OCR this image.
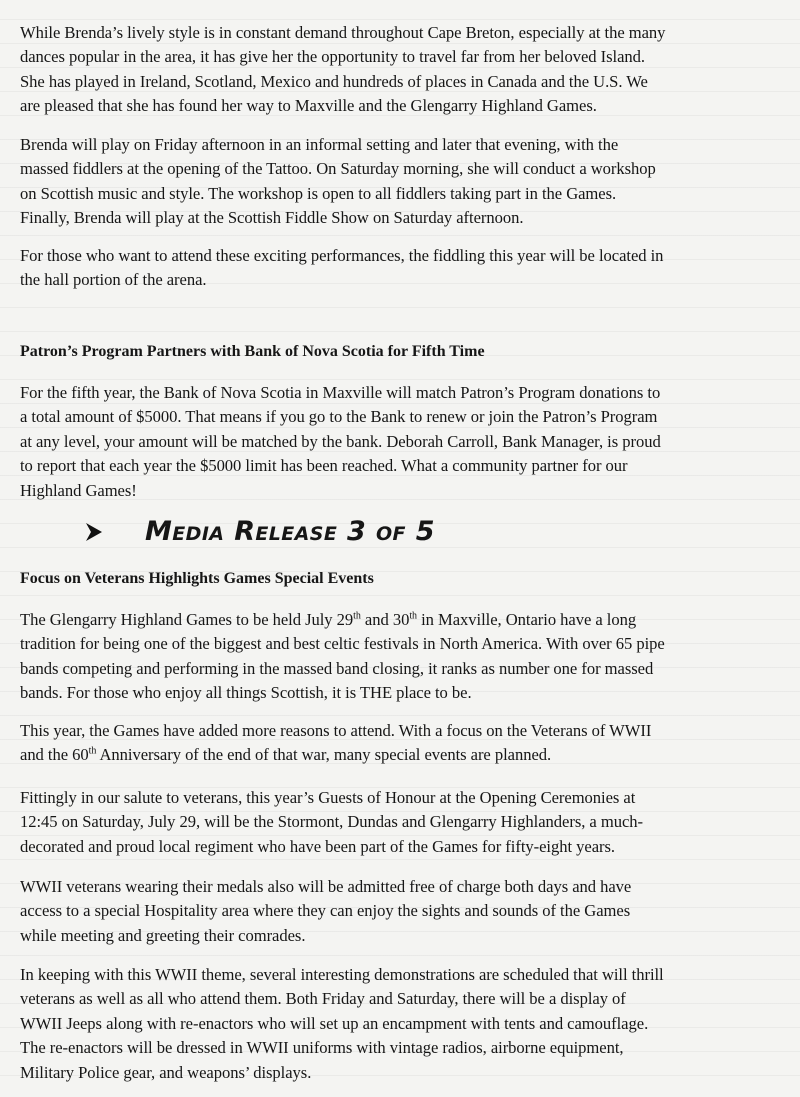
While Brenda’s lively style is in constant demand throughout Cape Breton, especially at the many
dances popular in the area, it has give her the opportunity to travel far from her beloved Island.
She has played in Ireland, Scotland, Mexico and hundreds of places in Canada and the U.S. We
are pleased that she has found her way to Maxville and the Glengarry Highland Games.

Brenda will play on Friday afternoon in an informal setting and later that evening, with the
massed fiddlers at the opening of the Tattoo. On Saturday morning, she will conduct a workshop
on Scottish music and style. The workshop is open to all fiddlers taking part in the Games.
Finally, Brenda will play at the Scottish Fiddle Show on Saturday afternoon.

For those who want to attend these exciting performances, the fiddling this year will be located in
the hall portion of the arena.

Patron’s Program Partners with Bank of Nova Scotia for Fifth Time

For the fifth year, the Bank of Nova Scotia in Maxville will match Patron’s Program donations to
a total amount of $5000. That means if you go to the Bank to renew or join the Patron’s Program
at any level, your amount will be matched by the bank. Deborah Carroll, Bank Manager, is proud
to report that each year the $5000 limit has been reached. What a community partner for our
Highland Games!

Media Release 3 of 5
Focus on Veterans Highlights Games Special Events

The Glengarry Highland Games to be held July 29th and 30th in Maxville, Ontario have a long
tradition for being one of the biggest and best celtic festivals in North America. With over 65 pipe
bands competing and performing in the massed band closing, it ranks as number one for massed
bands. For those who enjoy all things Scottish, it is THE place to be.

This year, the Games have added more reasons to attend. With a focus on the Veterans of WWII
and the 60th Anniversary of the end of that war, many special events are planned.

Fittingly in our salute to veterans, this year’s Guests of Honour at the Opening Ceremonies at
12:45 on Saturday, July 29, will be the Stormont, Dundas and Glengarry Highlanders, a much-
decorated and proud local regiment who have been part of the Games for fifty-eight years.

WWII veterans wearing their medals also will be admitted free of charge both days and have
access to a special Hospitality area where they can enjoy the sights and sounds of the Games
while meeting and greeting their comrades.

In keeping with this WWII theme, several interesting demonstrations are scheduled that will thrill
veterans as well as all who attend them. Both Friday and Saturday, there will be a display of
WWII Jeeps along with re-enactors who will set up an encampment with tents and camouflage.
The re-enactors will be dressed in WWII uniforms with vintage radios, airborne equipment,
Military Police gear, and weapons’ displays.
